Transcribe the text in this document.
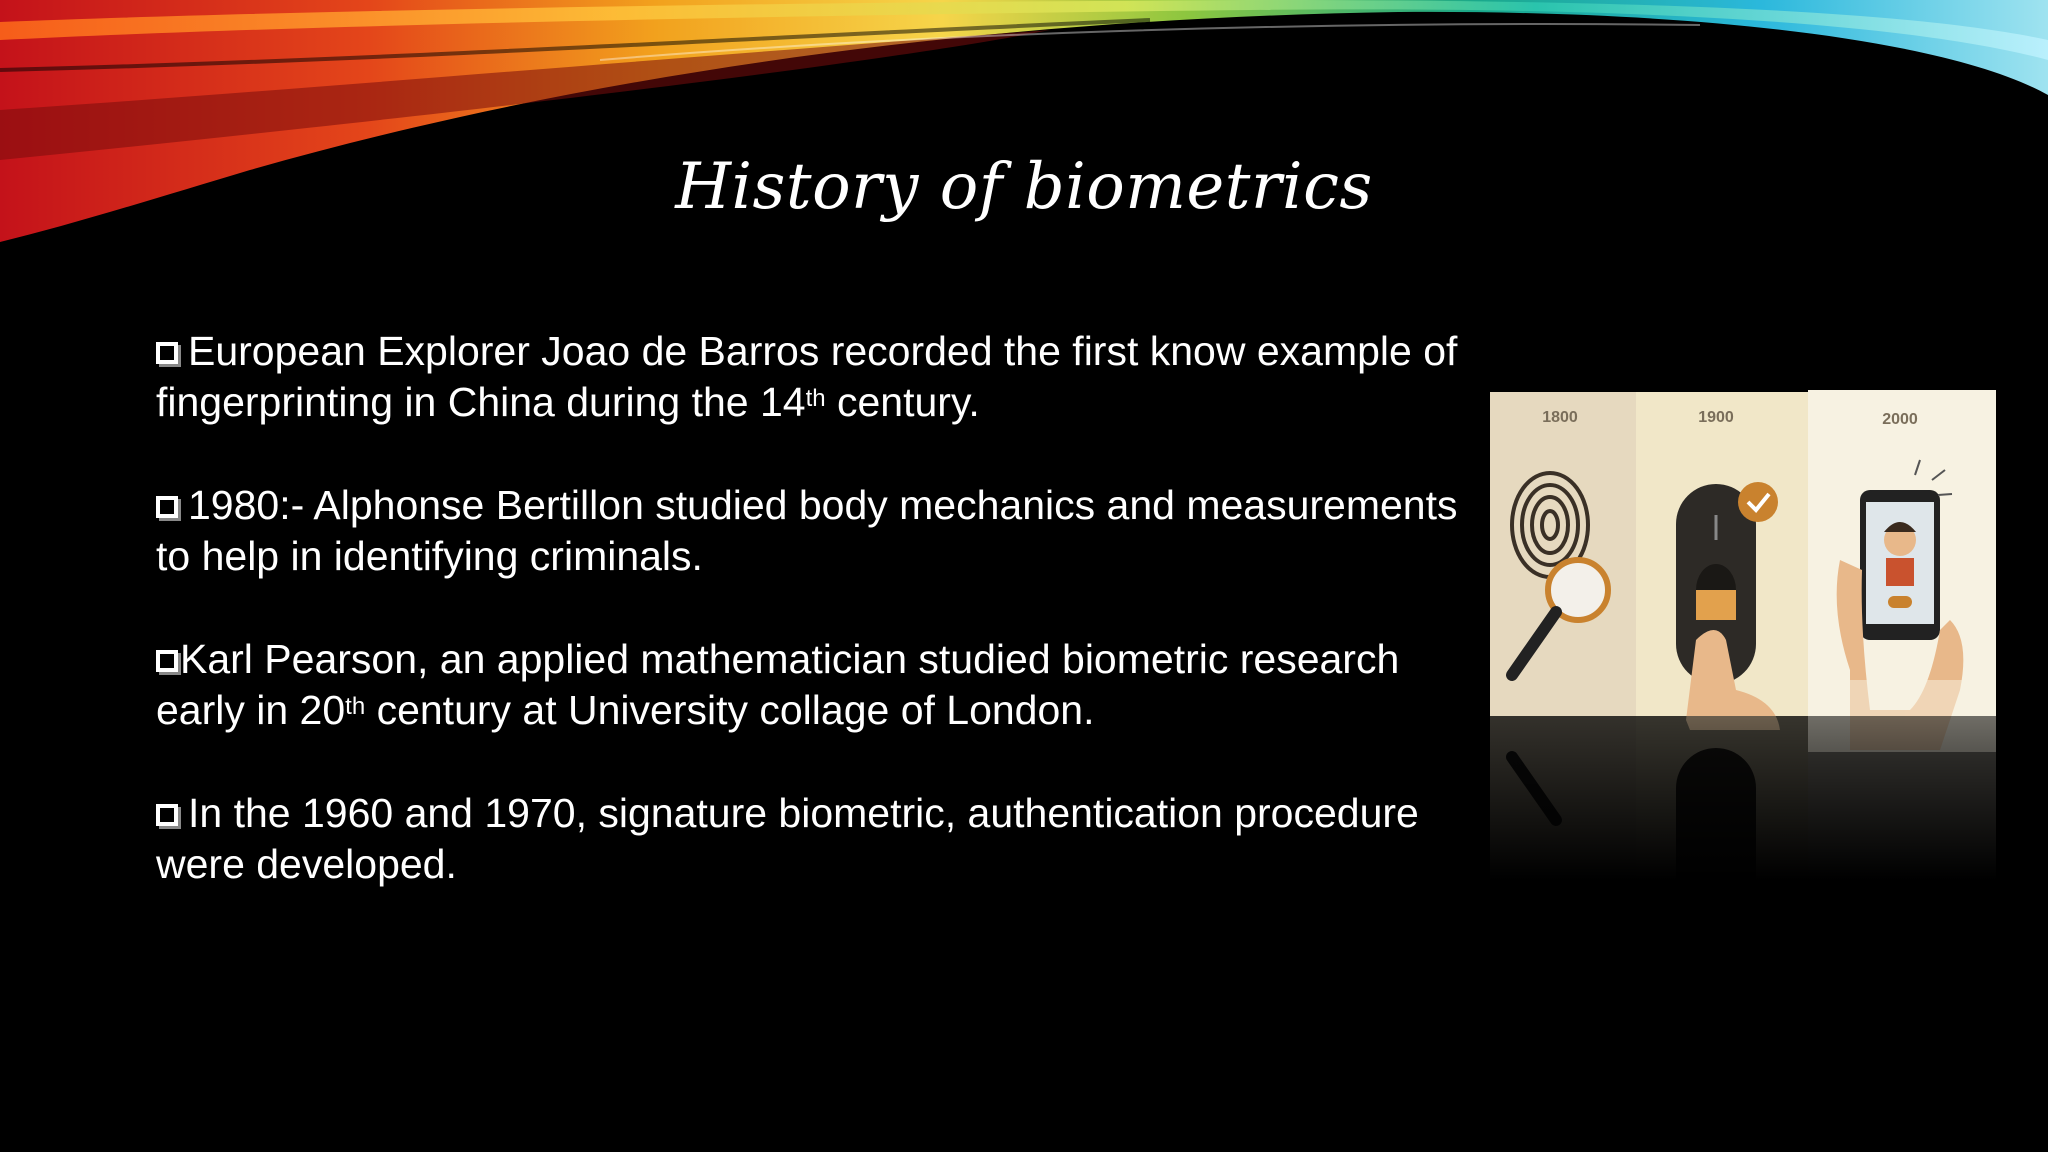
History of biometrics
European Explorer Joao de Barros recorded the first know example of
fingerprinting in China during the 14th century.
1980:- Alphonse Bertillon studied body mechanics and measurements
to help in identifying criminals.
Karl Pearson, an applied mathematician studied biometric research
early in 20th century at University collage of London.
In the 1960 and 1970, signature biometric, authentication procedure
were developed.
1800	1900	2000
